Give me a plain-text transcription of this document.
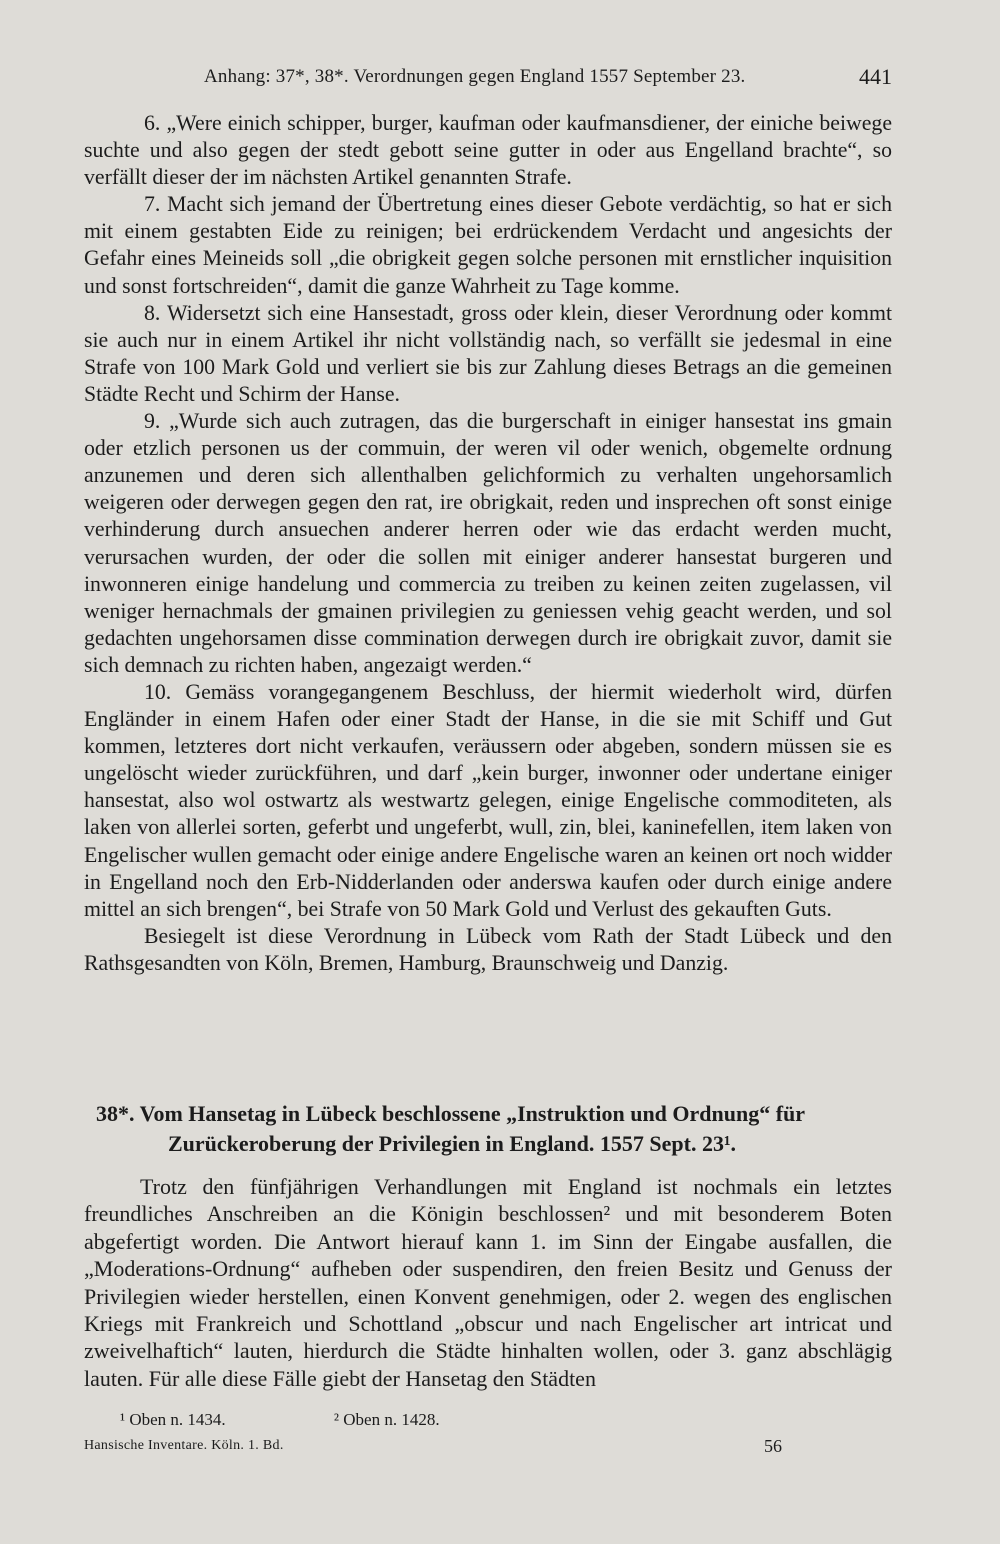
Anhang: 37*, 38*. Verordnungen gegen England 1557 September 23.	441

6. „Were einich schipper, burger, kaufman oder kaufmansdiener, der einiche beiwege suchte und also gegen der stedt gebott seine gutter in oder aus Engelland brachte“, so verfällt dieser der im nächsten Artikel genannten Strafe.

7. Macht sich jemand der Übertretung eines dieser Gebote verdächtig, so hat er sich mit einem gestabten Eide zu reinigen; bei erdrückendem Verdacht und angesichts der Gefahr eines Meineids soll „die obrigkeit gegen solche personen mit ernstlicher inquisition und sonst fortschreiden“, damit die ganze Wahrheit zu Tage komme.

8. Widersetzt sich eine Hansestadt, gross oder klein, dieser Verordnung oder kommt sie auch nur in einem Artikel ihr nicht vollständig nach, so verfällt sie jedesmal in eine Strafe von 100 Mark Gold und verliert sie bis zur Zahlung dieses Betrags an die gemeinen Städte Recht und Schirm der Hanse.

9. „Wurde sich auch zutragen, das die burgerschaft in einiger hansestat ins gmain oder etzlich personen us der commuin, der weren vil oder wenich, obgemelte ordnung anzunemen und deren sich allenthalben gelichformich zu verhalten ungehorsamlich weigeren oder derwegen gegen den rat, ire obrigkait, reden und insprechen oft sonst einige verhinderung durch ansuechen anderer herren oder wie das erdacht werden mucht, verursachen wurden, der oder die sollen mit einiger anderer hansestat burgeren und inwonneren einige handelung und commercia zu treiben zu keinen zeiten zugelassen, vil weniger hernachmals der gmainen privilegien zu geniessen vehig geacht werden, und sol gedachten ungehorsamen disse commination derwegen durch ire obrigkait zuvor, damit sie sich demnach zu richten haben, angezaigt werden.“

10. Gemäss vorangegangenem Beschluss, der hiermit wiederholt wird, dürfen Engländer in einem Hafen oder einer Stadt der Hanse, in die sie mit Schiff und Gut kommen, letzteres dort nicht verkaufen, veräussern oder abgeben, sondern müssen sie es ungelöscht wieder zurückführen, und darf „kein burger, inwonner oder undertane einiger hansestat, also wol ostwartz als westwartz gelegen, einige Engelische commoditeten, als laken von allerlei sorten, geferbt und ungeferbt, wull, zin, blei, kaninefellen, item laken von Engelischer wullen gemacht oder einige andere Engelische waren an keinen ort noch widder in Engelland noch den Erb-Nidderlanden oder anderswa kaufen oder durch einige andere mittel an sich brengen“, bei Strafe von 50 Mark Gold und Verlust des gekauften Guts.

Besiegelt ist diese Verordnung in Lübeck vom Rath der Stadt Lübeck und den Rathsgesandten von Köln, Bremen, Hamburg, Braunschweig und Danzig.

38*. Vom Hansetag in Lübeck beschlossene „Instruktion und Ordnung“ für
Zurückeroberung der Privilegien in England. 1557 Sept. 23¹.

Trotz den fünfjährigen Verhandlungen mit England ist nochmals ein letztes freundliches Anschreiben an die Königin beschlossen² und mit besonderem Boten abgefertigt worden. Die Antwort hierauf kann 1. im Sinn der Eingabe ausfallen, die „Moderations-Ordnung“ aufheben oder suspendiren, den freien Besitz und Genuss der Privilegien wieder herstellen, einen Konvent genehmigen, oder 2. wegen des englischen Kriegs mit Frankreich und Schottland „obscur und nach Engelischer art intricat und zweivelhaftich“ lauten, hierdurch die Städte hinhalten wollen, oder 3. ganz abschlägig lauten. Für alle diese Fälle giebt der Hansetag den Städten

¹ Oben n. 1434.	² Oben n. 1428.
Hansische Inventare. Köln. 1. Bd.	56
